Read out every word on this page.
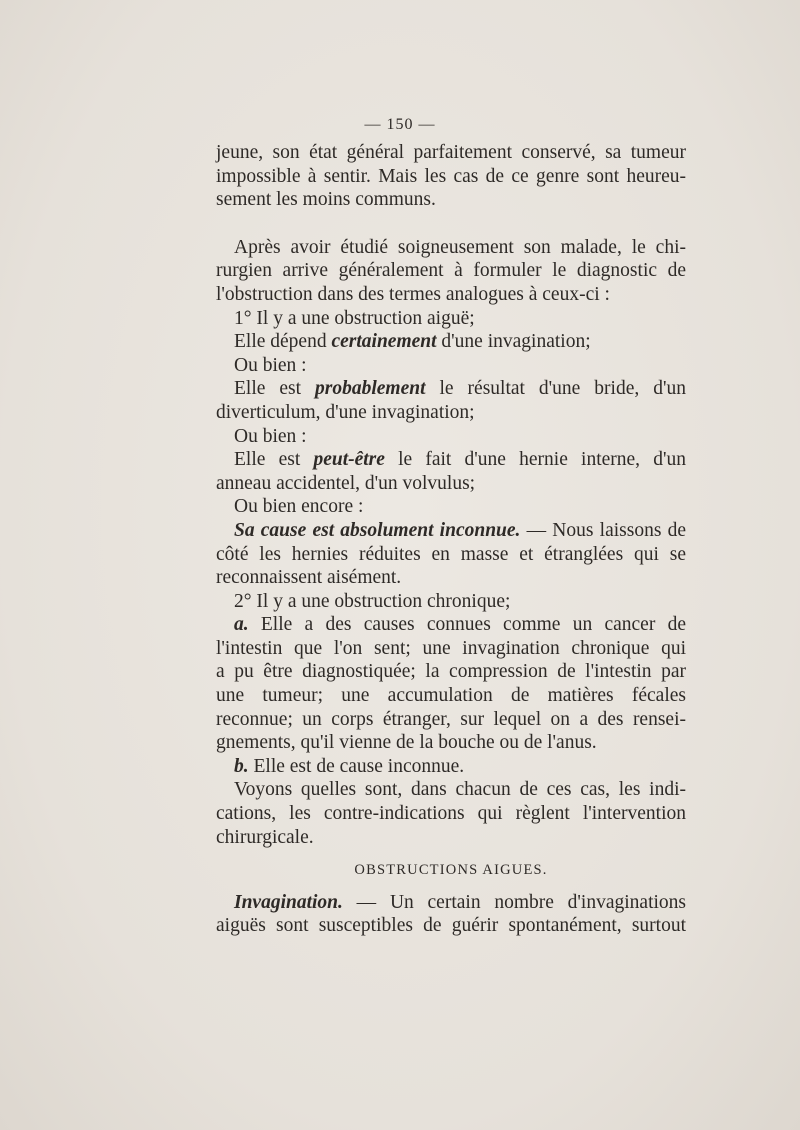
— 150 —
jeune, son état général parfaitement conservé, sa tumeur
impossible à sentir. Mais les cas de ce genre sont heureu-
sement les moins communs.
Après avoir étudié soigneusement son malade, le chi-
rurgien arrive généralement à formuler le diagnostic de
l'obstruction dans des termes analogues à ceux-ci :
1° Il y a une obstruction aiguë;
Elle dépend certainement d'une invagination;
Ou bien :
Elle est probablement le résultat d'une bride, d'un
diverticulum, d'une invagination;
Ou bien :
Elle est peut-être le fait d'une hernie interne, d'un
anneau accidentel, d'un volvulus;
Ou bien encore :
Sa cause est absolument inconnue. — Nous laissons de
côté les hernies réduites en masse et étranglées qui se
reconnaissent aisément.
2° Il y a une obstruction chronique;
a. Elle a des causes connues comme un cancer de
l'intestin que l'on sent; une invagination chronique qui
a pu être diagnostiquée; la compression de l'intestin par
une tumeur; une accumulation de matières fécales
reconnue; un corps étranger, sur lequel on a des rensei-
gnements, qu'il vienne de la bouche ou de l'anus.
b. Elle est de cause inconnue.
Voyons quelles sont, dans chacun de ces cas, les indi-
cations, les contre-indications qui règlent l'intervention
chirurgicale.
OBSTRUCTIONS AIGUES.
Invagination. — Un certain nombre d'invaginations
aiguës sont susceptibles de guérir spontanément, surtout
